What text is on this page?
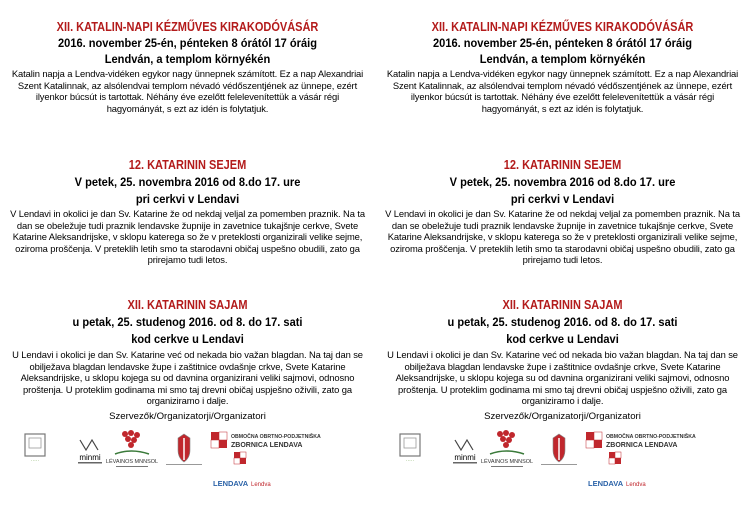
XII. KATALIN-NAPI KÉZMŰVES KIRAKODÓVÁSÁR
2016. november 25-én, pénteken 8 órától 17 óráig
Lendván, a templom környékén
Katalin napja a Lendva-vidéken egykor nagy ünnepnek számított. Ez a nap Alexandriai Szent Katalinnak, az alsólendvai templom névadó védőszentjének az ünnepe, ezért ilyenkor búcsút is tartottak. Néhány éve ezelőtt felelevenítettük a vásár régi hagyományát, s ezt az idén is folytatjuk.
12. KATARININ SEJEM
V petek, 25. novembra 2016 od 8.do 17. ure
pri cerkvi v Lendavi
V Lendavi in okolici je dan Sv. Katarine že od nekdaj veljal za pomemben praznik. Na ta dan se obeležuje tudi praznik lendavske župnije in zavetnice tukajšnje cerkve, Svete Katarine Aleksandrijske, v sklopu katerega so že v preteklosti organizirali velike sejme, oziroma proščenja. V preteklih letih smo ta starodavni običaj uspešno obudili, zato ga prirejamo tudi letos.
XII. KATARININ SAJAM
u petak, 25. studenog 2016. od 8. do 17. sati
kod cerkve u Lendavi
U Lendavi i okolici je dan Sv. Katarine već od nekada bio važan blagdan. Na taj dan se obilježava blagdan lendavske župe i zaštitnice ovdašnje crkve, Svete Katarine Aleksandrijske, u sklopu kojega su od davnina organizirani veliki sajmovi, odnosno proštenja. U proteklim godinama mi smo taj drevni običaj uspješno oživili, zato ga organiziramo i dalje.
Szervezők/Organizatorji/Organizatori
·····	minmi LÉVAINOS MNNSOL
OBMOČNA OBRTNO-PODJETNIŠKA
ZBORNICA LENDAVA
LENDAVA Lendva
XII. KATALIN-NAPI KÉZMŰVES KIRAKODÓVÁSÁR
2016. november 25-én, pénteken 8 órától 17 óráig
Lendván, a templom környékén
Katalin napja a Lendva-vidéken egykor nagy ünnepnek számított. Ez a nap Alexandriai Szent Katalinnak, az alsólendvai templom névadó védőszentjének az ünnepe, ezért ilyenkor búcsút is tartottak. Néhány éve ezelőtt felelevenítettük a vásár régi hagyományát, s ezt az idén is folytatjuk.
12. KATARININ SEJEM
V petek, 25. novembra 2016 od 8.do 17. ure
pri cerkvi v Lendavi
V Lendavi in okolici je dan Sv. Katarine že od nekdaj veljal za pomemben praznik. Na ta dan se obeležuje tudi praznik lendavske župnije in zavetnice tukajšnje cerkve, Svete Katarine Aleksandrijske, v sklopu katerega so že v preteklosti organizirali velike sejme, oziroma proščenja. V preteklih letih smo ta starodavni običaj uspešno obudili, zato ga prirejamo tudi letos.
XII. KATARININ SAJAM
u petak, 25. studenog 2016. od 8. do 17. sati
kod cerkve u Lendavi
U Lendavi i okolici je dan Sv. Katarine već od nekada bio važan blagdan. Na taj dan se obilježava blagdan lendavske župe i zaštitnice ovdašnje crkve, Svete Katarine Aleksandrijske, u sklopu kojega su od davnina organizirani veliki sajmovi, odnosno proštenja. U proteklim godinama mi smo taj drevni običaj uspješno oživili, zato ga organiziramo i dalje.
Szervezők/Organizatorji/Organizatori
·····	minmi LÉVAINOS MNNSOL
OBMOČNA OBRTNO-PODJETNIŠKA
ZBORNICA LENDAVA
LENDAVA Lendva
